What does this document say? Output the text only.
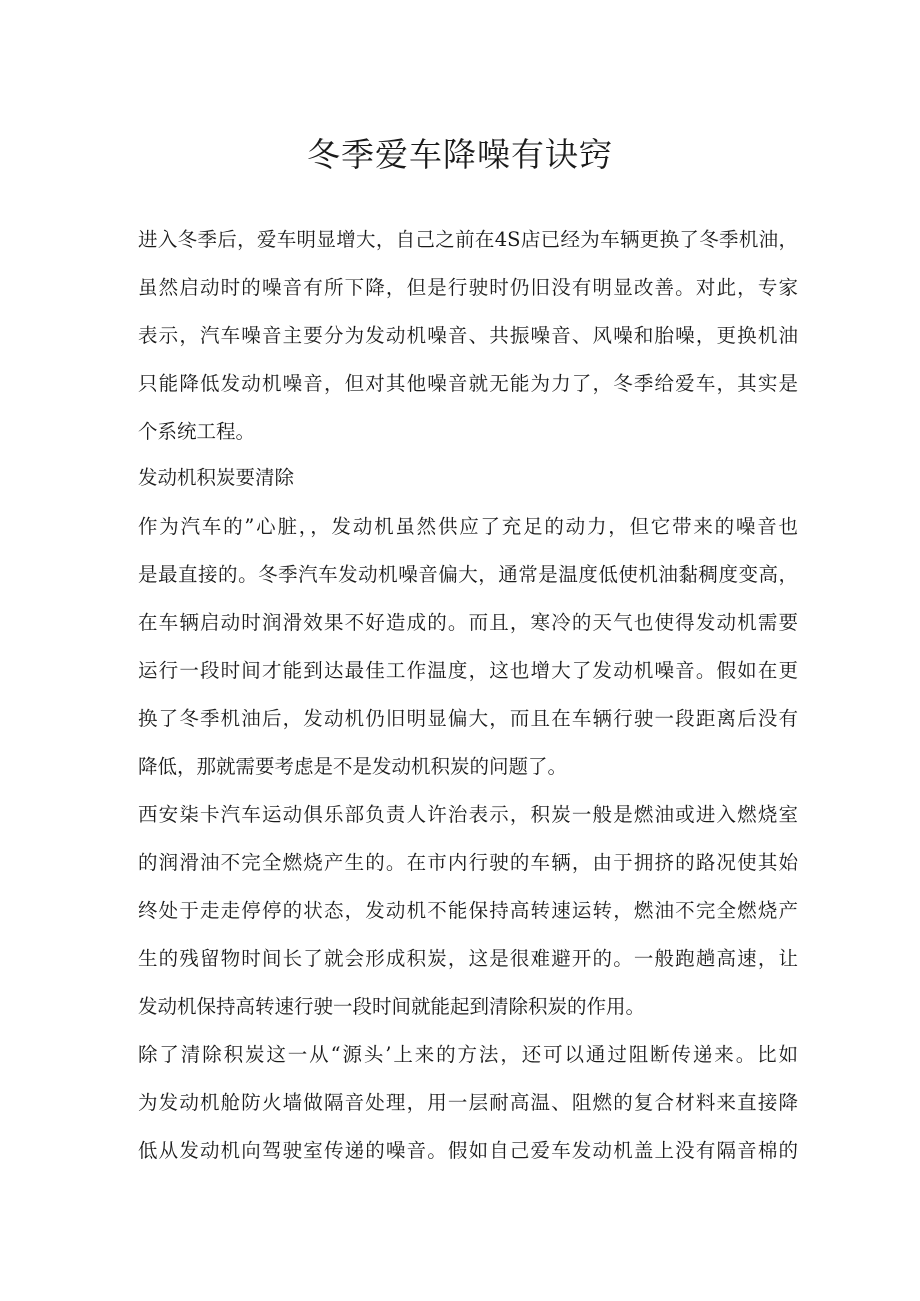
冬季爱车降噪有诀窍

进入冬季后，爱车明显增大，自己之前在4S店已经为车辆更换了冬季机油，

虽然启动时的噪音有所下降，但是行驶时仍旧没有明显改善。对此，专家

表示，汽车噪音主要分为发动机噪音、共振噪音、风噪和胎噪，更换机油

只能降低发动机噪音，但对其他噪音就无能为力了，冬季给爱车，其实是

个系统工程。

发动机积炭要清除

作为汽车的”心脏，，发动机虽然供应了充足的动力，但它带来的噪音也

是最直接的。冬季汽车发动机噪音偏大，通常是温度低使机油黏稠度变高，

在车辆启动时润滑效果不好造成的。而且，寒冷的天气也使得发动机需要

运行一段时间才能到达最佳工作温度，这也增大了发动机噪音。假如在更

换了冬季机油后，发动机仍旧明显偏大，而且在车辆行驶一段距离后没有

降低，那就需要考虑是不是发动机积炭的问题了。

西安柒卡汽车运动俱乐部负责人许治表示，积炭一般是燃油或进入燃烧室

的润滑油不完全燃烧产生的。在市内行驶的车辆，由于拥挤的路况使其始

终处于走走停停的状态，发动机不能保持高转速运转，燃油不完全燃烧产

生的残留物时间长了就会形成积炭，这是很难避开的。一般跑趟高速，让

发动机保持高转速行驶一段时间就能起到清除积炭的作用。

除了清除积炭这一从“源头’上来的方法，还可以通过阻断传递来。比如

为发动机舱防火墙做隔音处理，用一层耐高温、阻燃的复合材料来直接降

低从发动机向驾驶室传递的噪音。假如自己爱车发动机盖上没有隔音棉的
